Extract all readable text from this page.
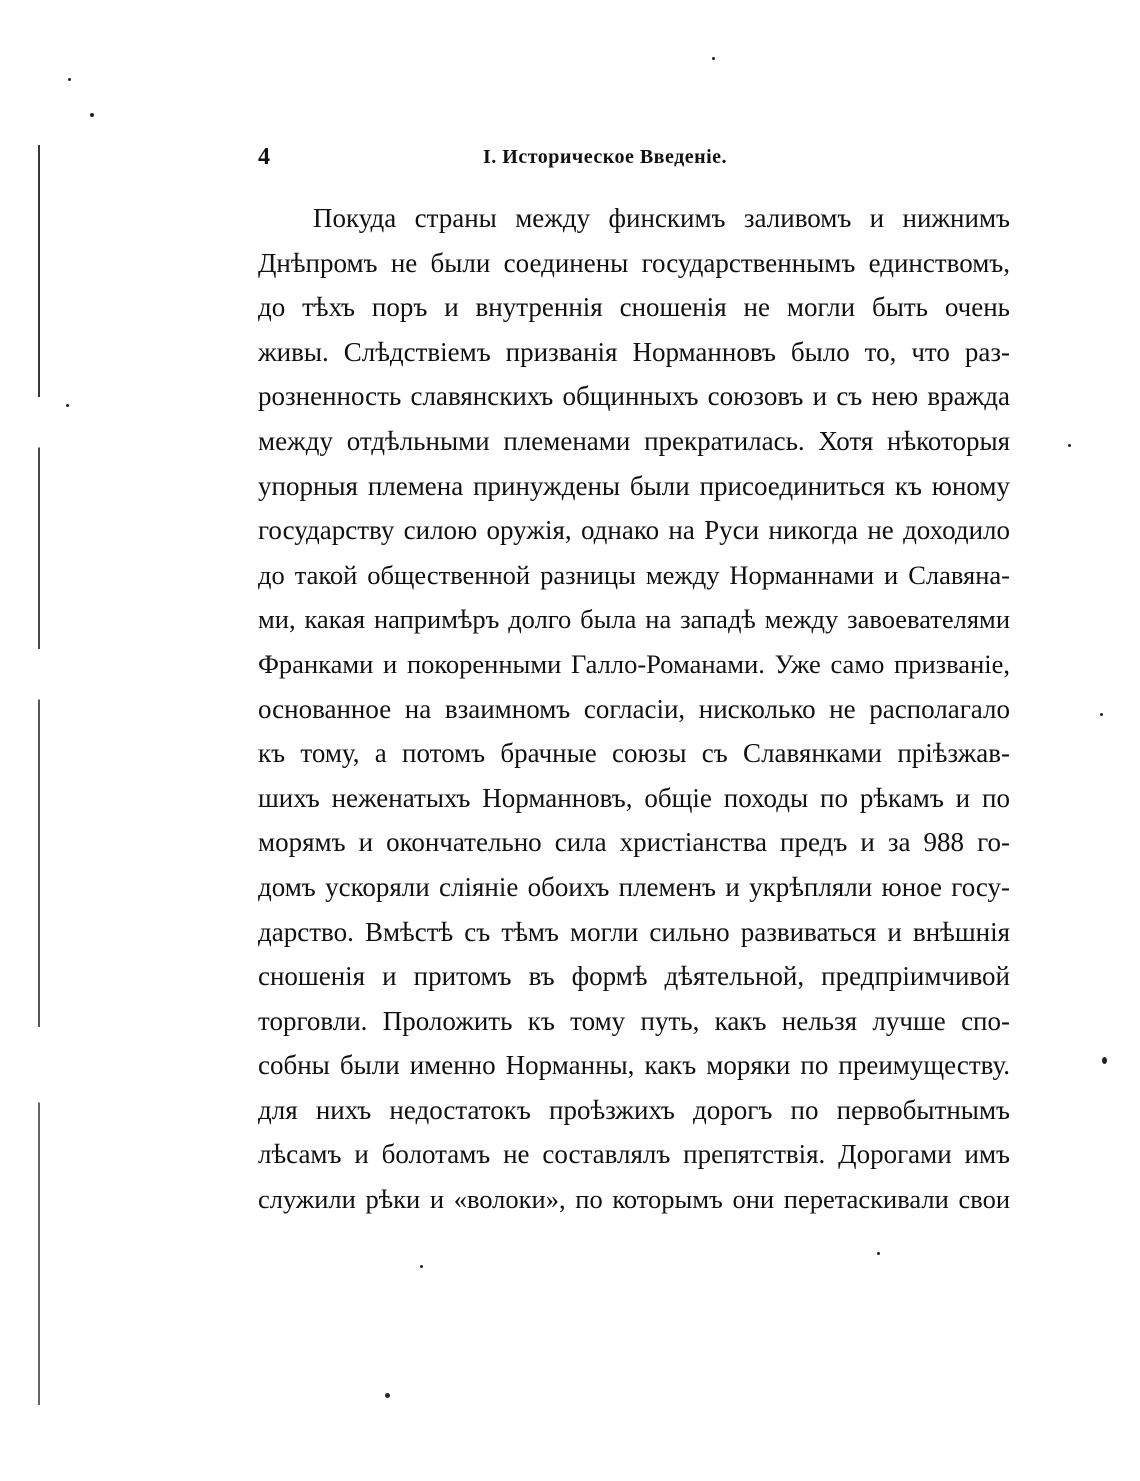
4	I. Историческое Введеніе.
Покуда страны между финскимъ заливомъ и нижнимъ
Днѣпромъ не были соединены государственнымъ единствомъ,
до тѣхъ поръ и внутреннія сношенія не могли быть очень
живы. Слѣдствіемъ призванія Норманновъ было то, что раз-
розненность славянскихъ общинныхъ союзовъ и съ нею вражда
между отдѣльными племенами прекратилась. Хотя нѣкоторыя
упорныя племена принуждены были присоединиться къ юному
государству силою оружія, однако на Руси никогда не доходило
до такой общественной разницы между Норманнами и Славяна-
ми, какая напримѣръ долго была на западѣ между завоевателями
Франками и покоренными Галло-Романами. Уже само призваніе,
основанное на взаимномъ согласіи, нисколько не располагало
къ тому, а потомъ брачные союзы съ Славянками пріѣзжав-
шихъ неженатыхъ Норманновъ, общіе походы по рѣкамъ и по
морямъ и окончательно сила христіанства предъ и за 988 го-
домъ ускоряли сліяніе обоихъ племенъ и укрѣпляли юное госу-
дарство. Вмѣстѣ съ тѣмъ могли сильно развиваться и внѣшнія
сношенія и притомъ въ формѣ дѣятельной, предпріимчивой
торговли. Проложить къ тому путь, какъ нельзя лучше спо-
собны были именно Норманны, какъ моряки по преимуществу.
для нихъ недостатокъ проѣзжихъ дорогъ по первобытнымъ
лѣсамъ и болотамъ не составлялъ препятствія. Дорогами имъ
служили рѣки и «волоки», по которымъ они перетаскивали свои
